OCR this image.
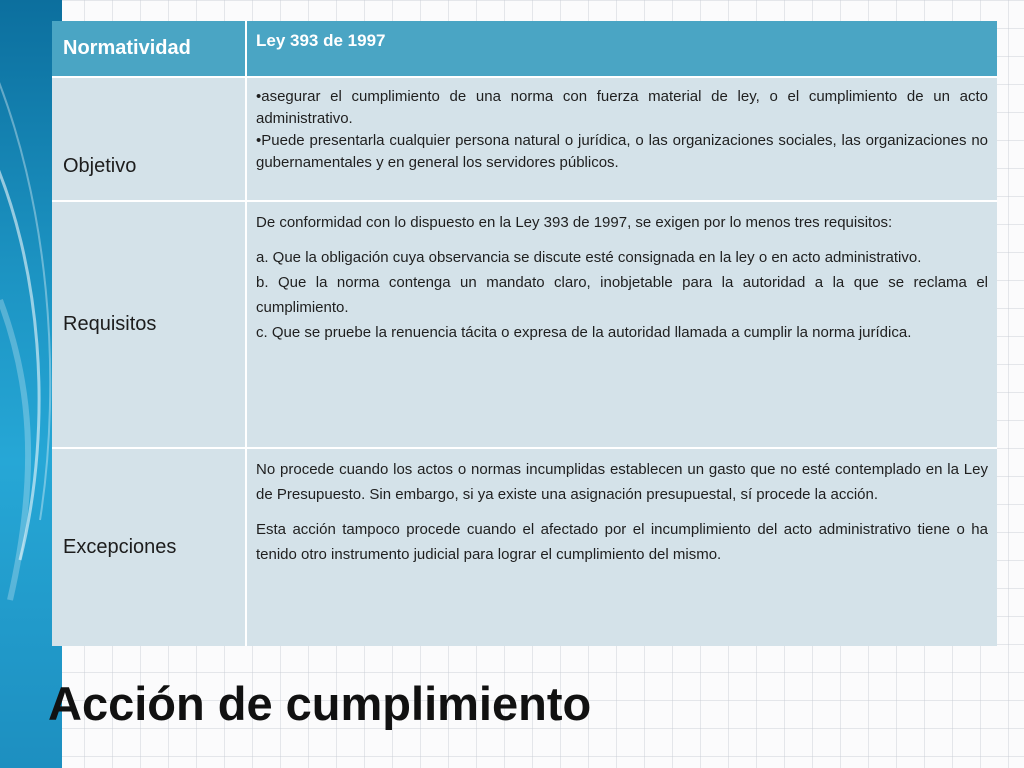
Normatividad	Ley 393 de 1997
Objetivo

•asegurar el cumplimiento de una norma con fuerza material de ley, o el cumplimiento de un acto administrativo.

•Puede presentarla cualquier persona natural o jurídica, o las organizaciones sociales, las organizaciones no gubernamentales y en general los servidores públicos.

Requisitos

De conformidad con lo dispuesto en la Ley 393 de 1997, se exigen por lo menos tres requisitos:

a. Que la obligación cuya observancia se discute esté consignada en la ley o en acto administrativo.

b. Que la norma contenga un mandato claro, inobjetable para la autoridad a la que se reclama el cumplimiento.

c. Que se pruebe la renuencia tácita o expresa de la autoridad llamada a cumplir la norma jurídica.

Excepciones

No procede cuando los actos o normas incumplidas establecen un gasto que no esté contemplado en la Ley de Presupuesto. Sin embargo, si ya existe una asignación presupuestal, sí procede la acción.

Esta acción tampoco procede cuando el afectado por el incumplimiento del acto administrativo tiene o ha tenido otro instrumento judicial para lograr el cumplimiento del mismo.

Acción de cumplimiento
